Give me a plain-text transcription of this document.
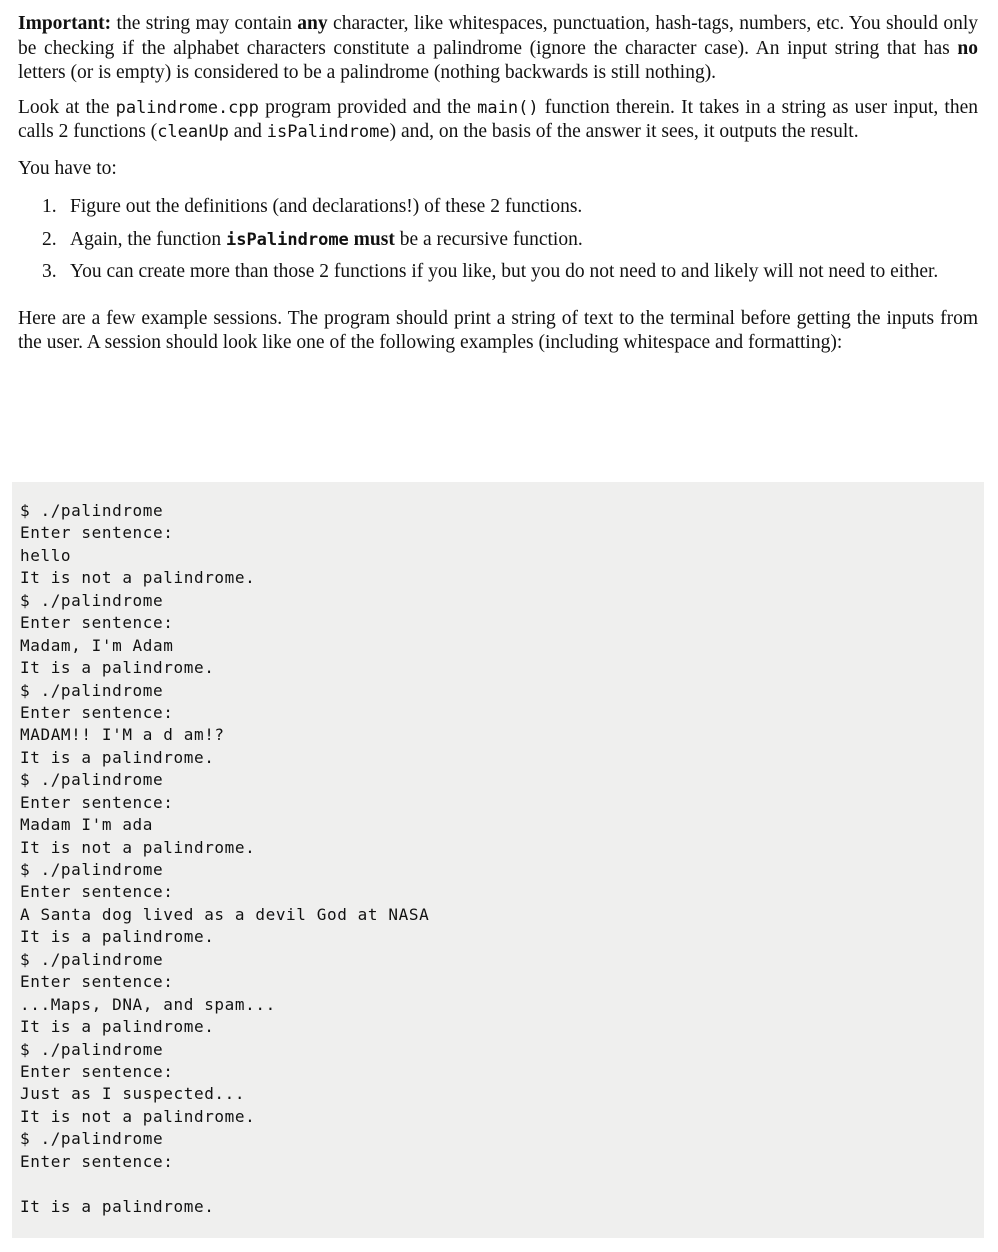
Important: the string may contain any character, like whitespaces, punctuation, hash-tags, numbers, etc. You should only be checking if the alphabet characters constitute a palindrome (ignore the character case). An input string that has no letters (or is empty) is considered to be a palindrome (nothing backwards is still nothing).

Look at the palindrome.cpp program provided and the main() function therein. It takes in a string as user input, then calls 2 functions (cleanUp and isPalindrome) and, on the basis of the answer it sees, it outputs the result.

You have to:

1. Figure out the definitions (and declarations!) of these 2 functions.
2. Again, the function isPalindrome must be a recursive function.
3. You can create more than those 2 functions if you like, but you do not need to and likely will not need to either.

Here are a few example sessions. The program should print a string of text to the terminal before getting the inputs from the user. A session should look like one of the following examples (including whitespace and formatting):

$ ./palindrome
Enter sentence:
hello
It is not a palindrome.
$ ./palindrome
Enter sentence:
Madam, I'm Adam
It is a palindrome.
$ ./palindrome
Enter sentence:
MADAM!! I'M a d am!?
It is a palindrome.
$ ./palindrome
Enter sentence:
Madam I'm ada
It is not a palindrome.
$ ./palindrome
Enter sentence:
A Santa dog lived as a devil God at NASA
It is a palindrome.
$ ./palindrome
Enter sentence:
...Maps, DNA, and spam...
It is a palindrome.
$ ./palindrome
Enter sentence:
Just as I suspected...
It is not a palindrome.
$ ./palindrome
Enter sentence:
It is a palindrome.
